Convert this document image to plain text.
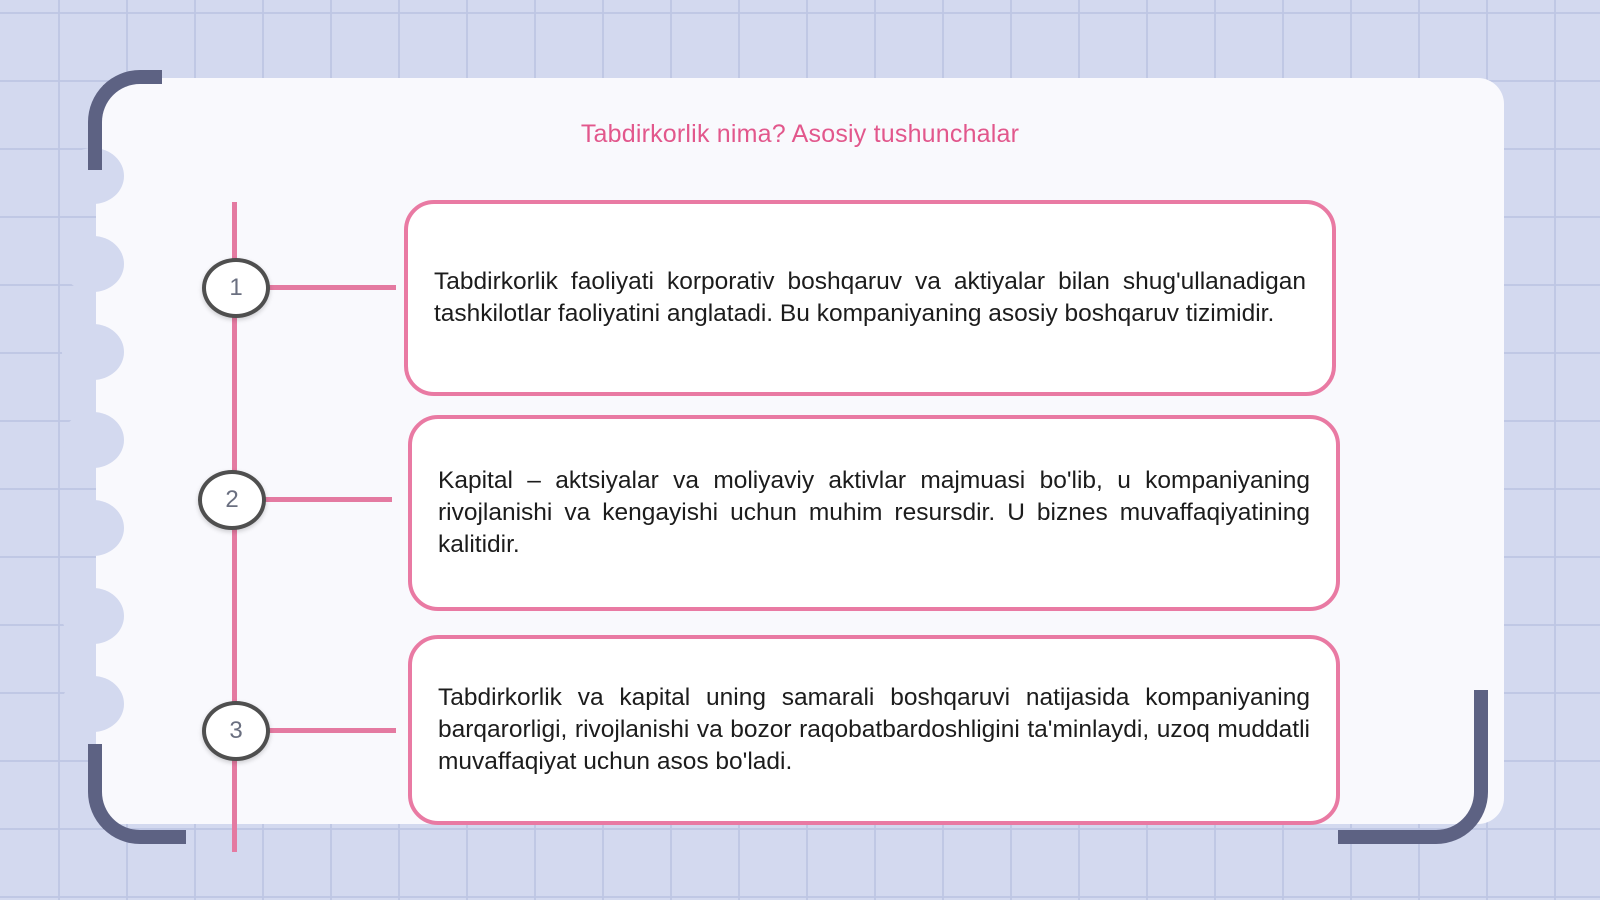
Tabdirkorlik nima? Asosiy tushunchalar
1
2
3

Tabdirkorlik faoliyati korporativ boshqaruv va aktiyalar bilan shug'ullanadigan tashkilotlar faoliyatini anglatadi. Bu kompaniyaning asosiy boshqaruv tizimidir.

Kapital – aktsiyalar va moliyaviy aktivlar majmuasi bo'lib, u kompaniyaning rivojlanishi va kengayishi uchun muhim resursdir. U biznes muvaffaqiyatining kalitidir.

Tabdirkorlik va kapital uning samarali boshqaruvi natijasida kompaniyaning barqarorligi, rivojlanishi va bozor raqobatbardoshligini ta'minlaydi, uzoq muddatli muvaffaqiyat uchun asos bo'ladi.
